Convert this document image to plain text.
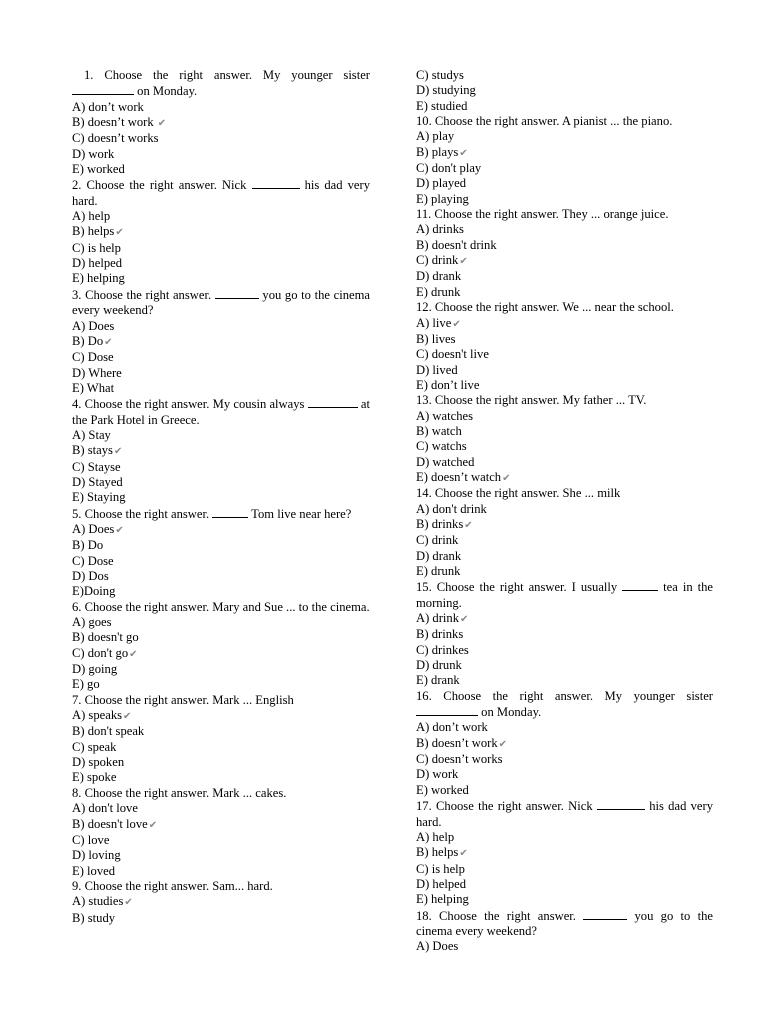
1. Choose the right answer. My younger sister  on Monday.
A) don’t work
B) doesn’t work ✔
C) doesn’t works
D) work
E) worked
2. Choose the right answer. Nick	his dad very hard.
A) help
B) helps✔
C) is help
D) helped
E) helping
3. Choose the right answer.	you go to the cinema every weekend?
A) Does
B) Do✔
C) Dose
D) Where
E) What
4. Choose the right answer. My cousin always	at the Park Hotel in Greece.
A) Stay
B) stays✔
C) Stayse
D) Stayed
E) Staying
5. Choose the right answer.	Tom live near here?
A) Does✔
B) Do
C) Dose
D) Dos
E)Doing
6. Choose the right answer. Mary and Sue ... to the cinema.
A) goes
B) doesn't go
C) don't go✔
D) going
E) go
7. Choose the right answer. Mark ... English
A) speaks✔
B) don't speak
C) speak
D) spoken
E) spoke
8. Choose the right answer. Mark ... cakes.
A) don't love
B) doesn't love✔
C) love
D) loving
E) loved
9. Choose the right answer. Sam... hard.
A) studies✔
B) study
C) studys
D) studying
E) studied
10. Choose the right answer. A pianist ... the piano.
A) play
B) plays✔
C) don't play
D) played
E) playing
11. Choose the right answer. They ... orange juice.
A) drinks
B) doesn't drink
C) drink✔
D) drank
E) drunk
12. Choose the right answer. We ... near the school.
A) live✔
B) lives
C) doesn't live
D) lived
E) don’t live
13. Choose the right answer. My father ... TV.
A) watches
B) watch
C) watchs
D) watched
E) doesn’t watch✔
14. Choose the right answer. She ... milk
A) don't drink
B) drinks✔
C) drink
D) drank
E) drunk
15. Choose the right answer. I usually	tea in the morning.
A) drink✔
B) drinks
C) drinkes
D) drunk
E) drank
16. Choose the right answer. My younger sister  on Monday.
A) don’t work
B) doesn’t work✔
C) doesn’t works
D) work
E) worked
17. Choose the right answer. Nick	his dad very hard.
A) help
B) helps✔
C) is help
D) helped
E) helping
18. Choose the right answer.	you go to the cinema every weekend?
A) Does
